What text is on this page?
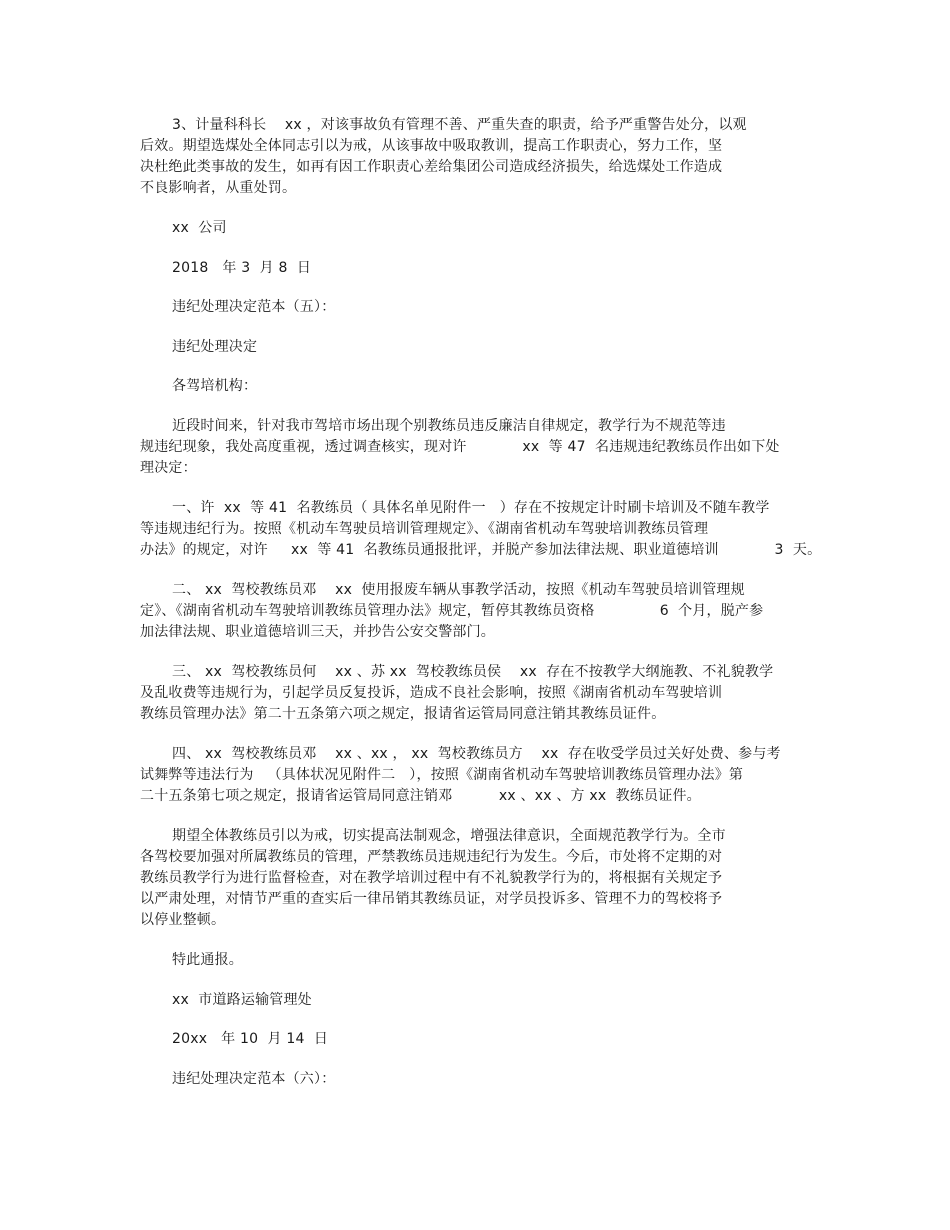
3、计量科科长    xx ，对该事故负有管理不善、严重失查的职责，给予严重警告处分，以观
后效。期望选煤处全体同志引以为戒，从该事故中吸取教训，提高工作职责心，努力工作，坚
决杜绝此类事故的发生，如再有因工作职责心差给集团公司造成经济损失，给选煤处工作造成
不良影响者，从重处罚。
xx  公司
2018   年 3  月 8  日
违纪处理决定范本（五）：
违纪处理决定
各驾培机构：
近段时间来，针对我市驾培市场出现个别教练员违反廉洁自律规定，教学行为不规范等违
规违纪现象，我处高度重视，透过调查核实，现对许            xx  等 47  名违规违纪教练员作出如下处
理决定：
一、许  xx  等 41  名教练员（ 具体名单见附件一   ）存在不按规定计时刷卡培训及不随车教学
等违规违纪行为。按照《机动车驾驶员培训管理规定》、《湖南省机动车驾驶培训教练员管理
办法》的规定，对许     xx  等 41  名教练员通报批评，并脱产参加法律法规、职业道德培训            3  天。
二、 xx  驾校教练员邓    xx  使用报废车辆从事教学活动，按照《机动车驾驶员培训管理规
定》、《湖南省机动车驾驶培训教练员管理办法》规定，暂停其教练员资格              6  个月，脱产参
加法律法规、职业道德培训三天，并抄告公安交警部门。
三、 xx  驾校教练员何    xx 、苏 xx  驾校教练员侯    xx  存在不按教学大纲施教、不礼貌教学
及乱收费等违规行为，引起学员反复投诉，造成不良社会影响，按照《湖南省机动车驾驶培训
教练员管理办法》第二十五条第六项之规定，报请省运管局同意注销其教练员证件。
四、 xx  驾校教练员邓    xx 、xx ， xx  驾校教练员方    xx  存在收受学员过关好处费、参与考
试舞弊等违法行为   （具体状况见附件二   ），按照《湖南省机动车驾驶培训教练员管理办法》第
二十五条第七项之规定，报请省运管局同意注销邓          xx 、xx 、方 xx  教练员证件。
期望全体教练员引以为戒，切实提高法制观念，增强法律意识，全面规范教学行为。全市
各驾校要加强对所属教练员的管理，严禁教练员违规违纪行为发生。今后，市处将不定期的对
教练员教学行为进行监督检查，对在教学培训过程中有不礼貌教学行为的，将根据有关规定予
以严肃处理，对情节严重的查实后一律吊销其教练员证，对学员投诉多、管理不力的驾校将予
以停业整顿。
特此通报。
xx  市道路运输管理处
20xx   年 10  月 14  日
违纪处理决定范本（六）：
